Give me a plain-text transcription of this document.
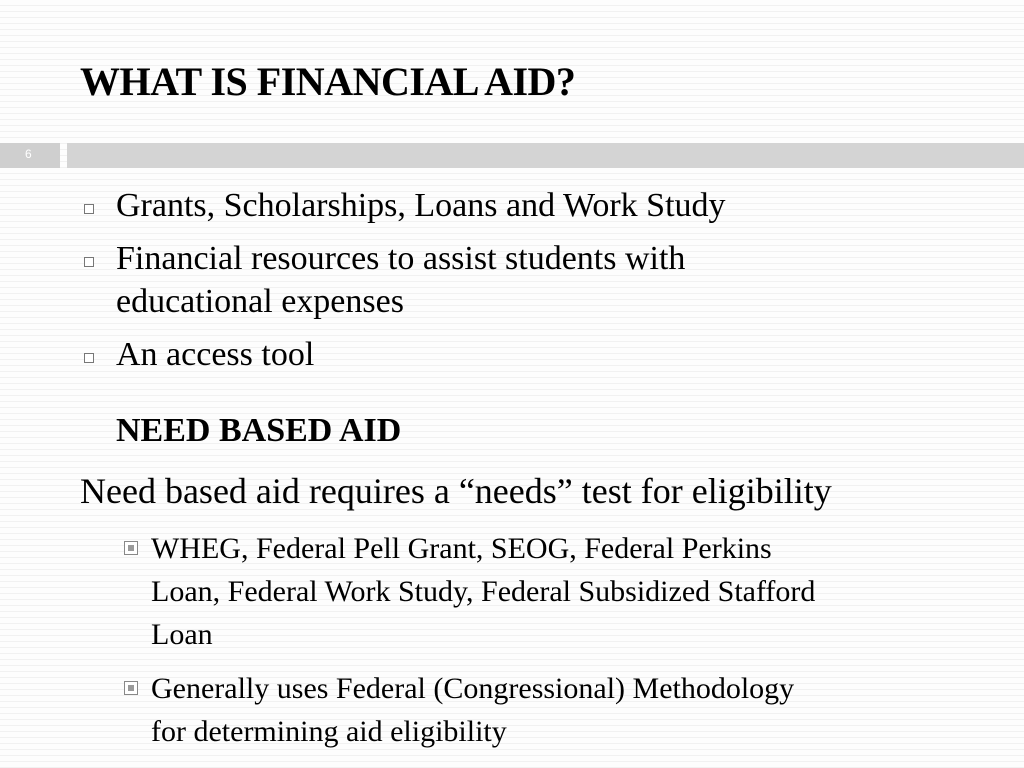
WHAT IS FINANCIAL AID?
6
Grants, Scholarships, Loans and Work Study
Financial resources to assist students with
educational expenses
An access tool
NEED BASED AID
Need based aid requires a “needs” test for eligibility
WHEG, Federal Pell Grant, SEOG, Federal Perkins
Loan, Federal Work Study, Federal Subsidized Stafford
Loan
Generally uses Federal (Congressional) Methodology
for determining aid eligibility
